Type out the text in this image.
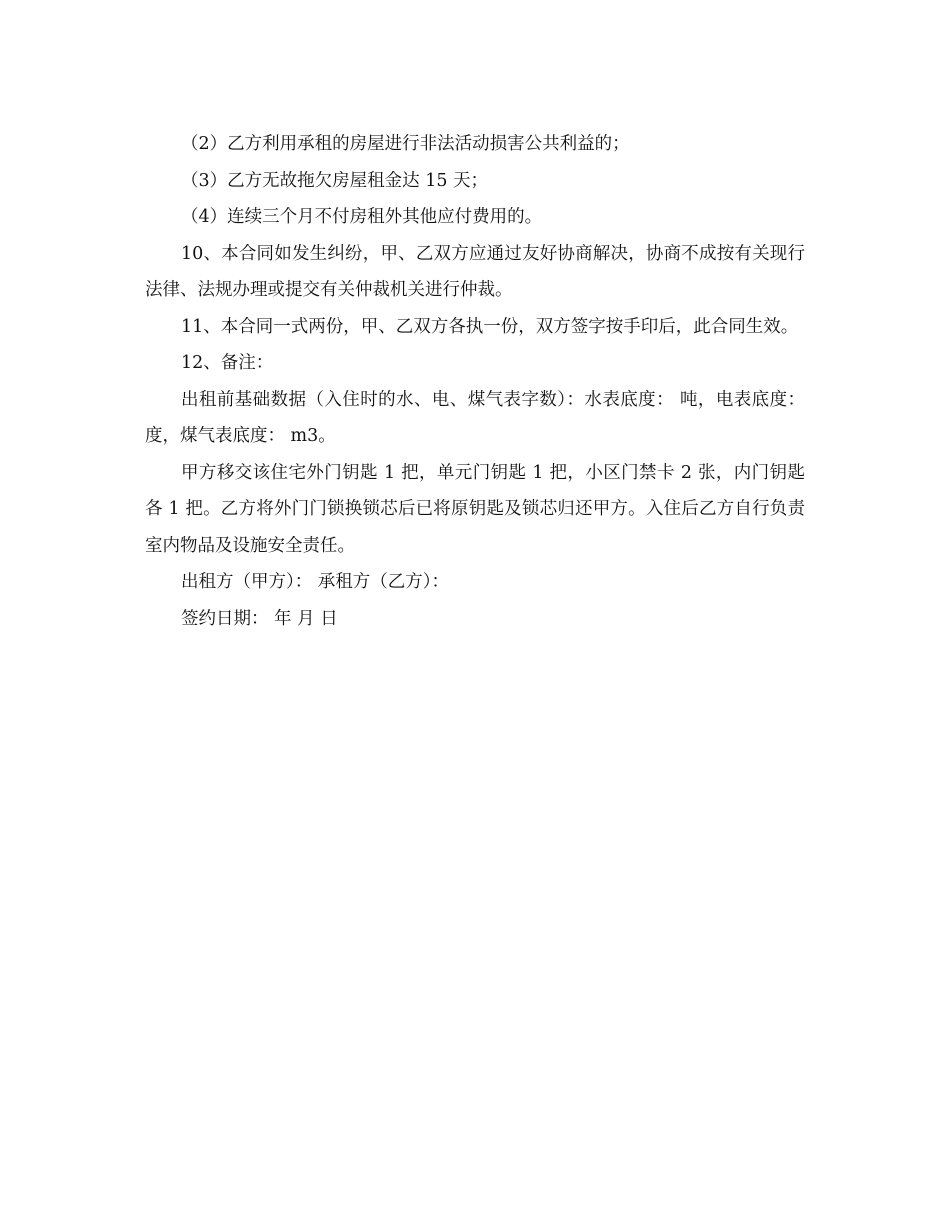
（2）乙方利用承租的房屋进行非法活动损害公共利益的；

（3）乙方无故拖欠房屋租金达 15 天；

（4）连续三个月不付房租外其他应付费用的。

10、本合同如发生纠纷，甲、乙双方应通过友好协商解决，协商不成按有关现行法律、法规办理或提交有关仲裁机关进行仲裁。

11、本合同一式两份，甲、乙双方各执一份，双方签字按手印后，此合同生效。

12、备注：

出租前基础数据（入住时的水、电、煤气表字数）：水表底度： 吨，电表底度： 度，煤气表底度： m3。

甲方移交该住宅外门钥匙 1 把，单元门钥匙 1 把，小区门禁卡 2 张，内门钥匙各 1 把。乙方将外门门锁换锁芯后已将原钥匙及锁芯归还甲方。入住后乙方自行负责室内物品及设施安全责任。

出租方（甲方）： 承租方（乙方）：

签约日期： 年 月 日
